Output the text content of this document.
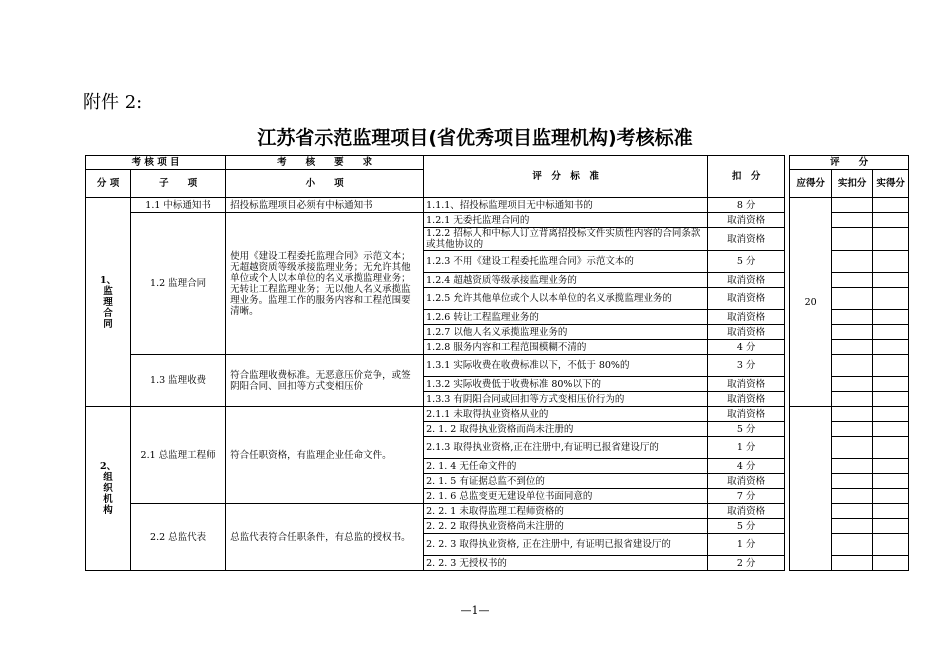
附件 2:
江苏省示范监理项目(省优秀项目监理机构)考核标准
考 核 项 目		考　　核　　要　　求	评　分　标　准	扣　分		评　　分		
分 项	子　　项	小　　项				应得分	实扣分	实得分
1、监理合同	1.1 中标通知书	招投标监理项目必须有中标通知书	1.1.1、招投标监理项目无中标通知书的	8 分		20		
	1.2 监理合同	使用《建设工程委托监理合同》示范文本；无超越资质等级承接监理业务；无允许其他单位或个人以本单位的名义承揽监理业务；无转让工程监理业务；无以他人名义承揽监理业务。监理工作的服务内容和工程范围要清晰。	1.2.1 无委托监理合同的	取消资格				
			1.2.2 招标人和中标人订立背离招投标文件实质性内容的合同条款或其他协议的	取消资格				
			1.2.3 不用《建设工程委托监理合同》示范文本的	5 分				
			1.2.4 超越资质等级承接监理业务的	取消资格				
			1.2.5 允许其他单位或个人以本单位的名义承揽监理业务的	取消资格				
			1.2.6 转让工程监理业务的	取消资格				
			1.2.7 以他人名义承揽监理业务的	取消资格				
			1.2.8 服务内容和工程范围模糊不清的	4 分				
	1.3 监理收费	符合监理收费标准。无恶意压价竞争，或签阴阳合同、回扣等方式变相压价	1.3.1 实际收费在收费标准以下，不低于 80%的	3 分				
			1.3.2 实际收费低于收费标准 80%以下的	取消资格				
			1.3.3 有阴阳合同或回扣等方式变相压价行为的	取消资格				
2、组织机构	2.1 总监理工程师	符合任职资格，有监理企业任命文件。	2.1.1 未取得执业资格从业的	取消资格				
			2. 1. 2 取得执业资格而尚未注册的	5 分				
			2.1.3 取得执业资格,正在注册中,有证明已报省建设厅的	1 分				
			2. 1. 4 无任命文件的	4 分				
			2. 1. 5 有证据总监不到位的	取消资格				
			2. 1. 6 总监变更无建设单位书面同意的	7 分				
	2.2 总监代表	总监代表符合任职条件，有总监的授权书。	2. 2. 1 未取得监理工程师资格的	取消资格				
			2. 2. 2 取得执业资格尚未注册的	5 分				
			2. 2. 3 取得执业资格, 正在注册中, 有证明已报省建设厅的	1 分				
			2. 2. 3 无授权书的	2 分				
—1—
